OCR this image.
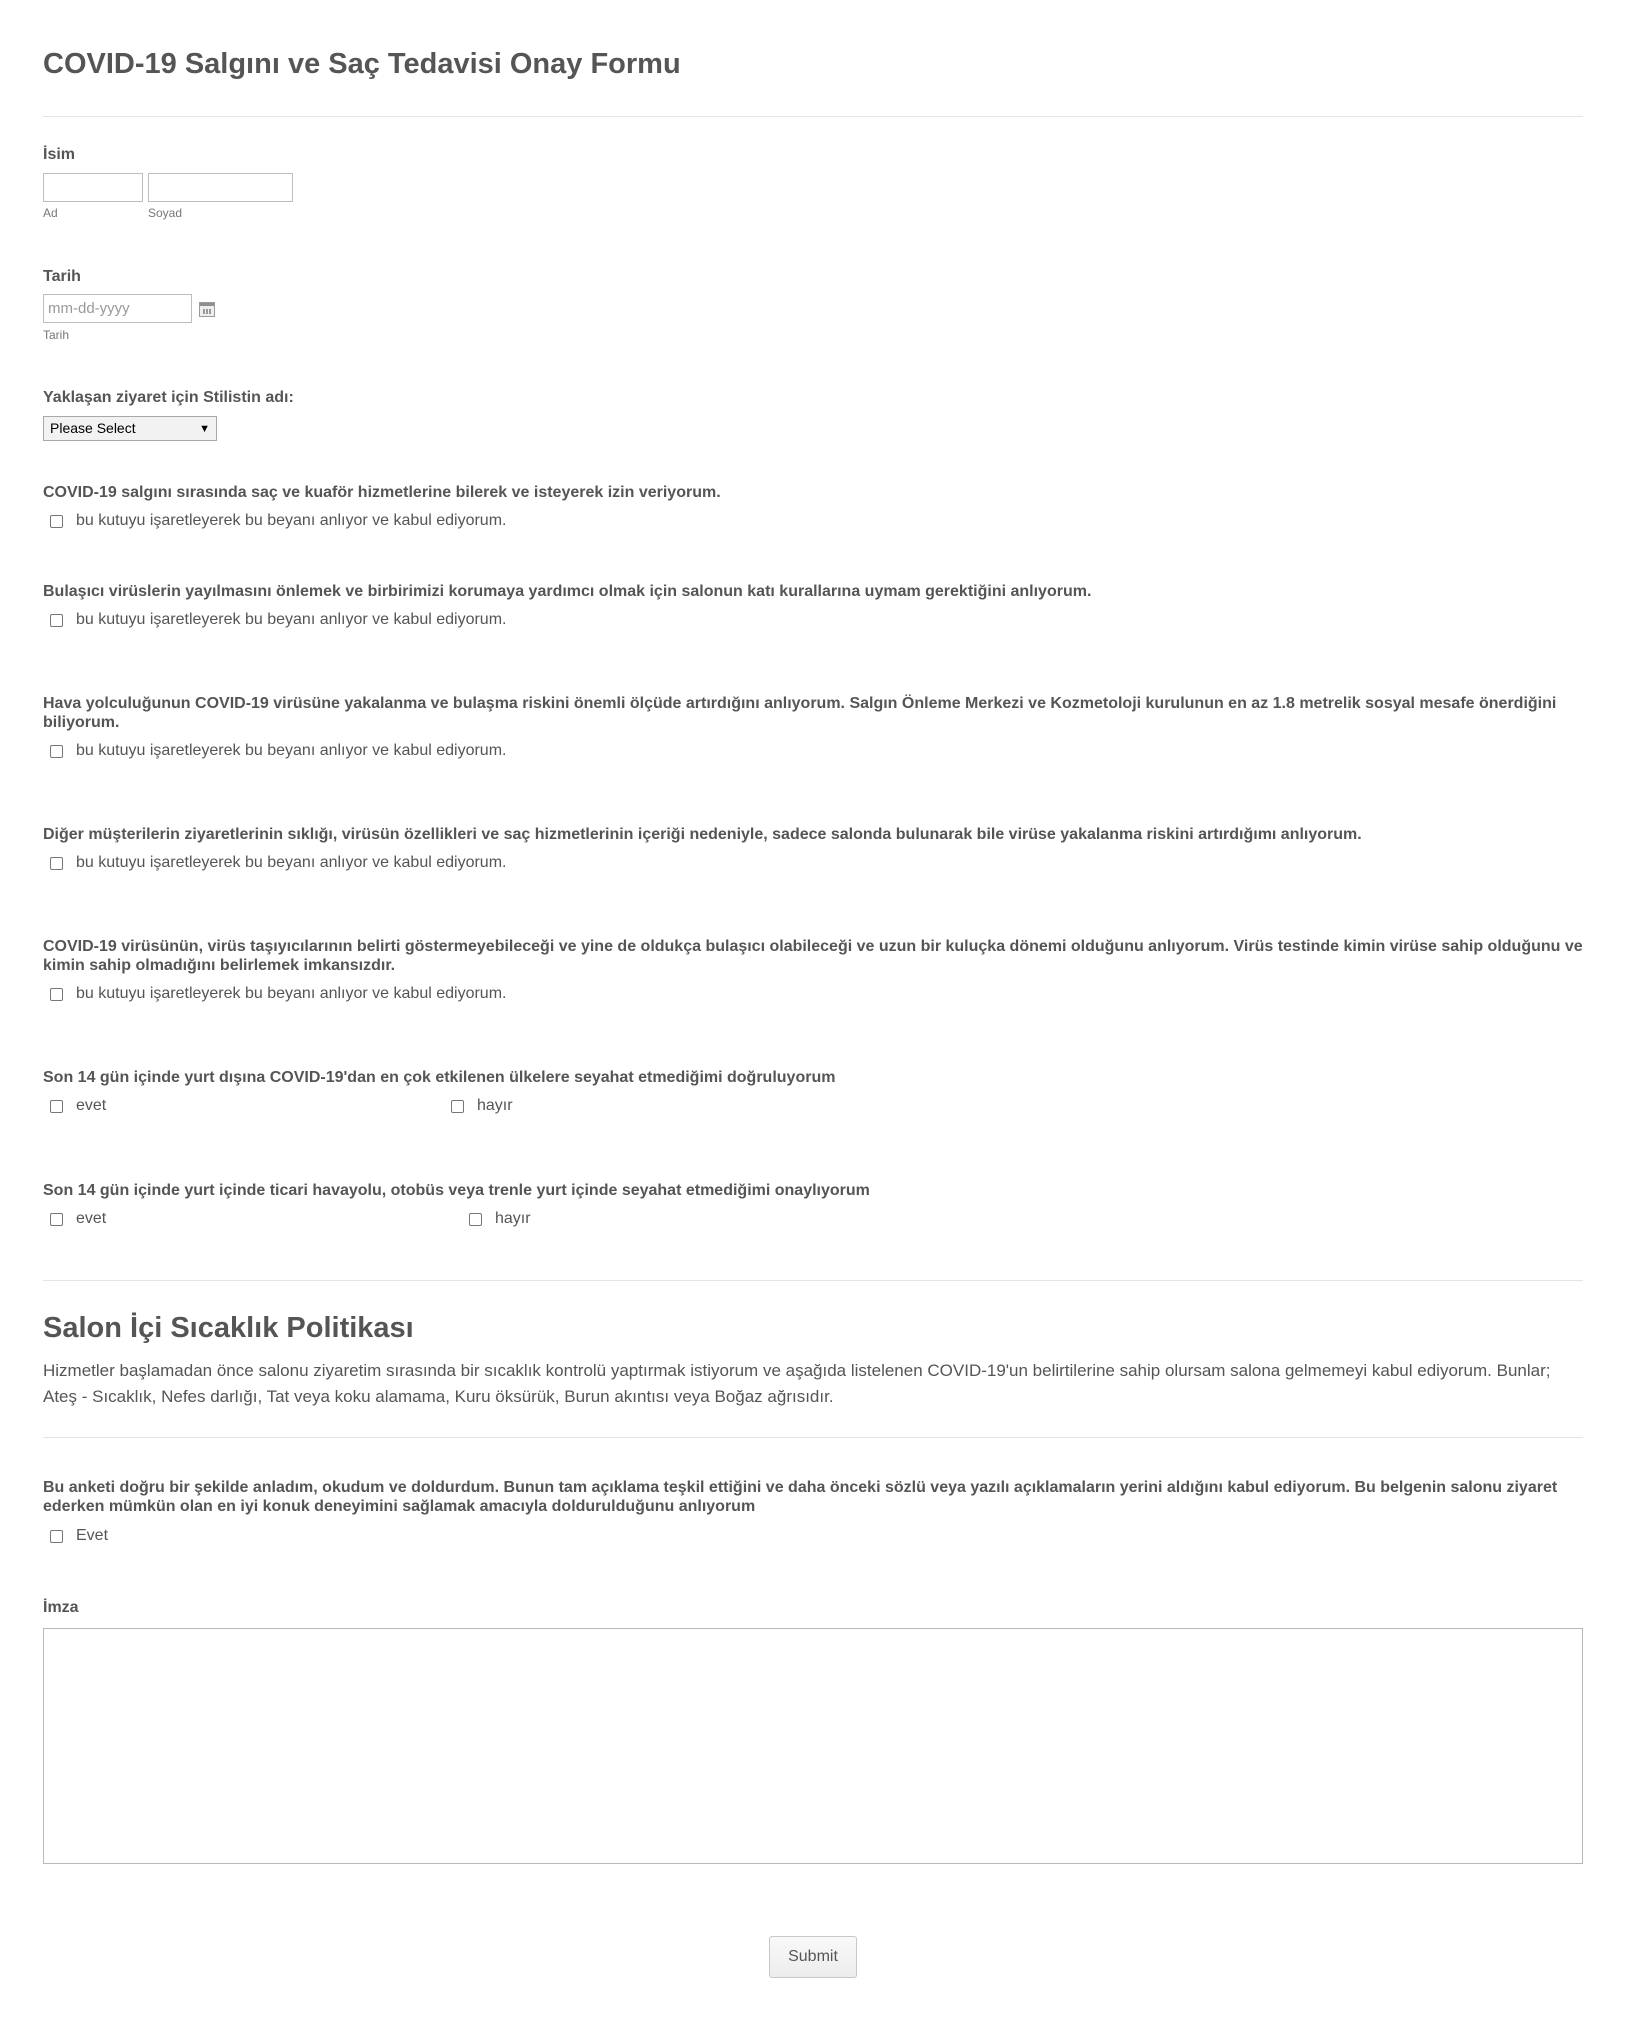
COVID-19 Salgını ve Saç Tedavisi Onay Formu
İsim
Ad	Soyad
Tarih
mm-dd-yyyy
Tarih
Yaklaşan ziyaret için Stilistin adı:
Please Select	▼
COVID-19 salgını sırasında saç ve kuaför hizmetlerine bilerek ve isteyerek izin veriyorum.
bu kutuyu işaretleyerek bu beyanı anlıyor ve kabul ediyorum.
Bulaşıcı virüslerin yayılmasını önlemek ve birbirimizi korumaya yardımcı olmak için salonun katı kurallarına uymam gerektiğini anlıyorum.
bu kutuyu işaretleyerek bu beyanı anlıyor ve kabul ediyorum.
Hava yolculuğunun COVID-19 virüsüne yakalanma ve bulaşma riskini önemli ölçüde artırdığını anlıyorum. Salgın Önleme Merkezi ve Kozmetoloji kurulunun en az 1.8 metrelik sosyal mesafe önerdiğini biliyorum.
bu kutuyu işaretleyerek bu beyanı anlıyor ve kabul ediyorum.
Diğer müşterilerin ziyaretlerinin sıklığı, virüsün özellikleri ve saç hizmetlerinin içeriği nedeniyle, sadece salonda bulunarak bile virüse yakalanma riskini artırdığımı anlıyorum.
bu kutuyu işaretleyerek bu beyanı anlıyor ve kabul ediyorum.
COVID-19 virüsünün, virüs taşıyıcılarının belirti göstermeyebileceği ve yine de oldukça bulaşıcı olabileceği ve uzun bir kuluçka dönemi olduğunu anlıyorum. Virüs testinde kimin virüse sahip olduğunu ve kimin sahip olmadığını belirlemek imkansızdır.
bu kutuyu işaretleyerek bu beyanı anlıyor ve kabul ediyorum.
Son 14 gün içinde yurt dışına COVID-19'dan en çok etkilenen ülkelere seyahat etmediğimi doğruluyorum
evet	hayır
Son 14 gün içinde yurt içinde ticari havayolu, otobüs veya trenle yurt içinde seyahat etmediğimi onaylıyorum
evet	hayır
Salon İçi Sıcaklık Politikası
Hizmetler başlamadan önce salonu ziyaretim sırasında bir sıcaklık kontrolü yaptırmak istiyorum ve aşağıda listelenen COVID-19'un belirtilerine sahip olursam salona gelmemeyi kabul ediyorum. Bunlar; Ateş - Sıcaklık, Nefes darlığı, Tat veya koku alamama, Kuru öksürük, Burun akıntısı veya Boğaz ağrısıdır.
Bu anketi doğru bir şekilde anladım, okudum ve doldurdum. Bunun tam açıklama teşkil ettiğini ve daha önceki sözlü veya yazılı açıklamaların yerini aldığını kabul ediyorum. Bu belgenin salonu ziyaret ederken mümkün olan en iyi konuk deneyimini sağlamak amacıyla doldurulduğunu anlıyorum
Evet
İmza
Submit
